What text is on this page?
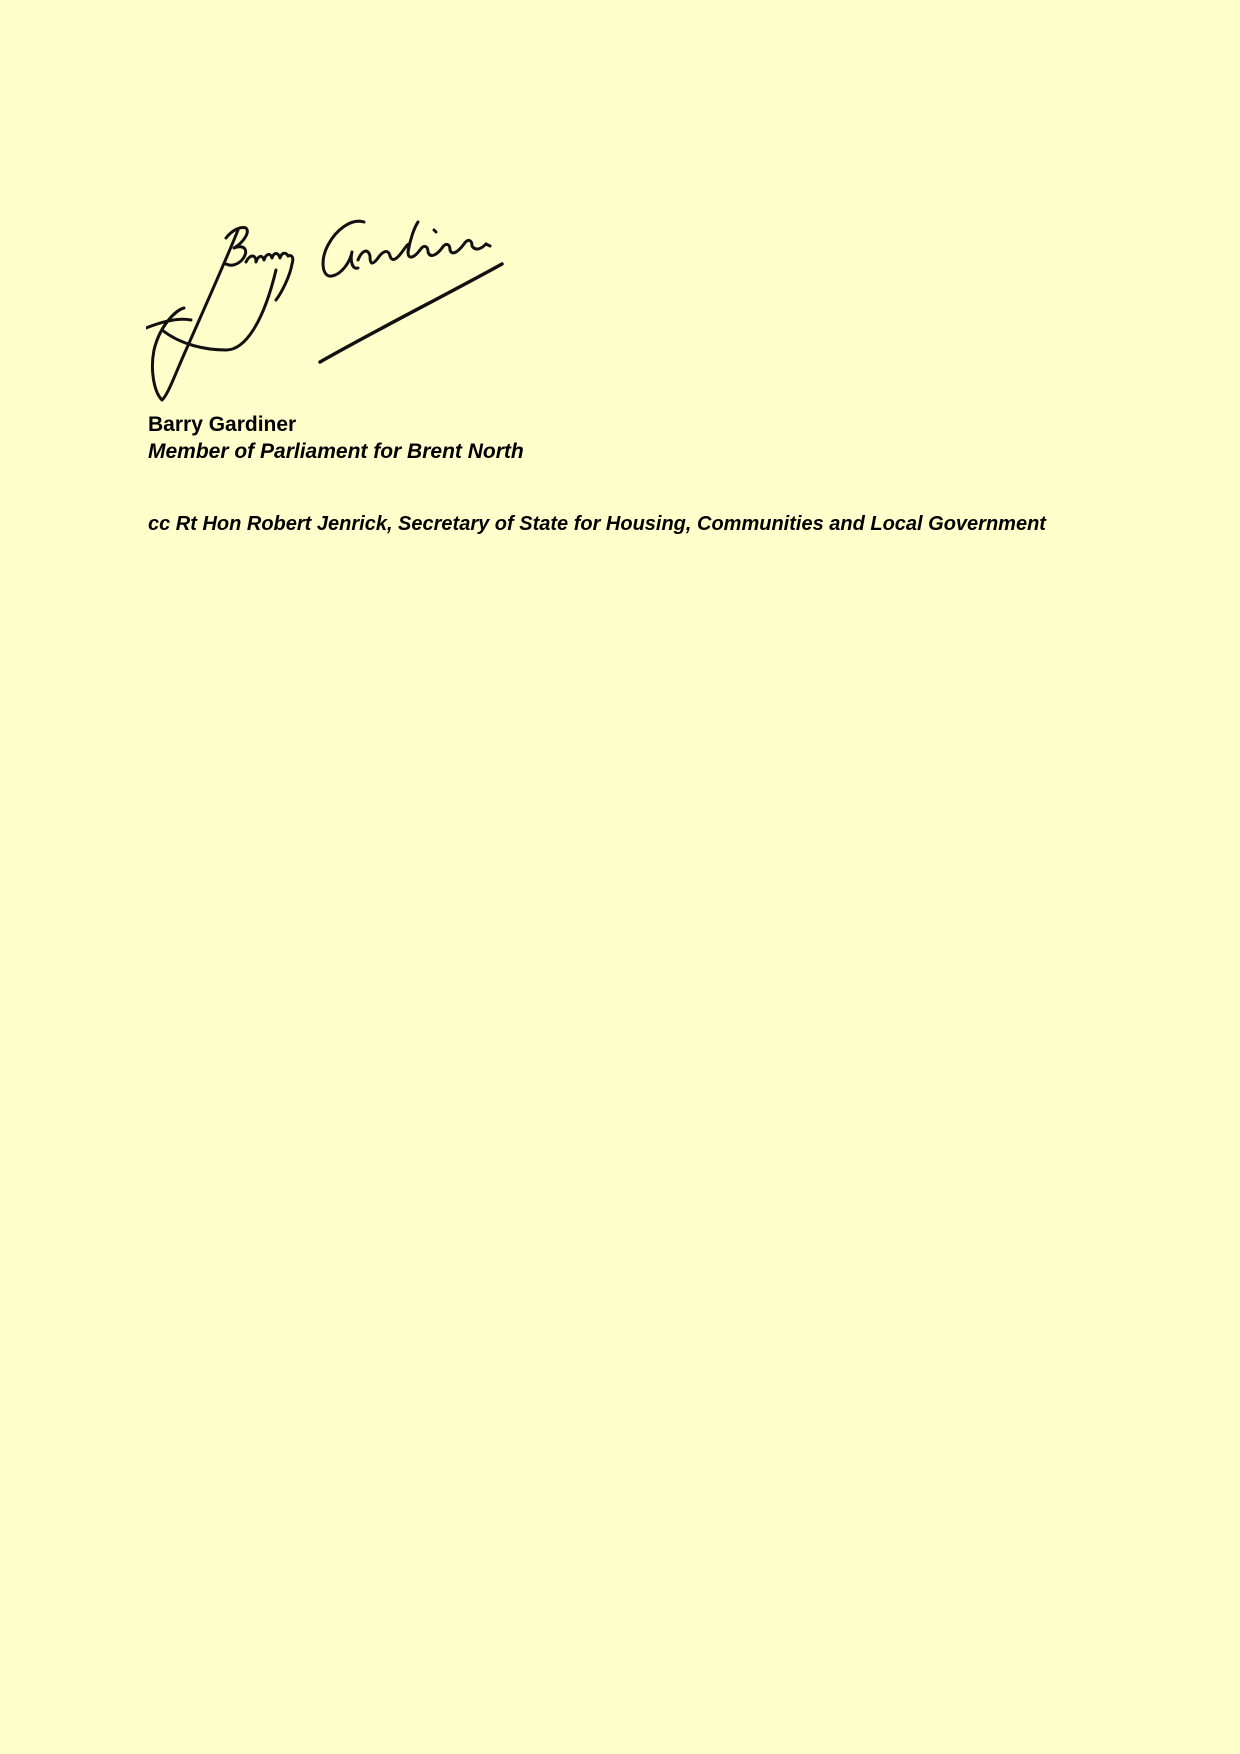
Barry Gardiner
Member of Parliament for Brent North
cc Rt Hon Robert Jenrick, Secretary of State for Housing, Communities and Local Government
